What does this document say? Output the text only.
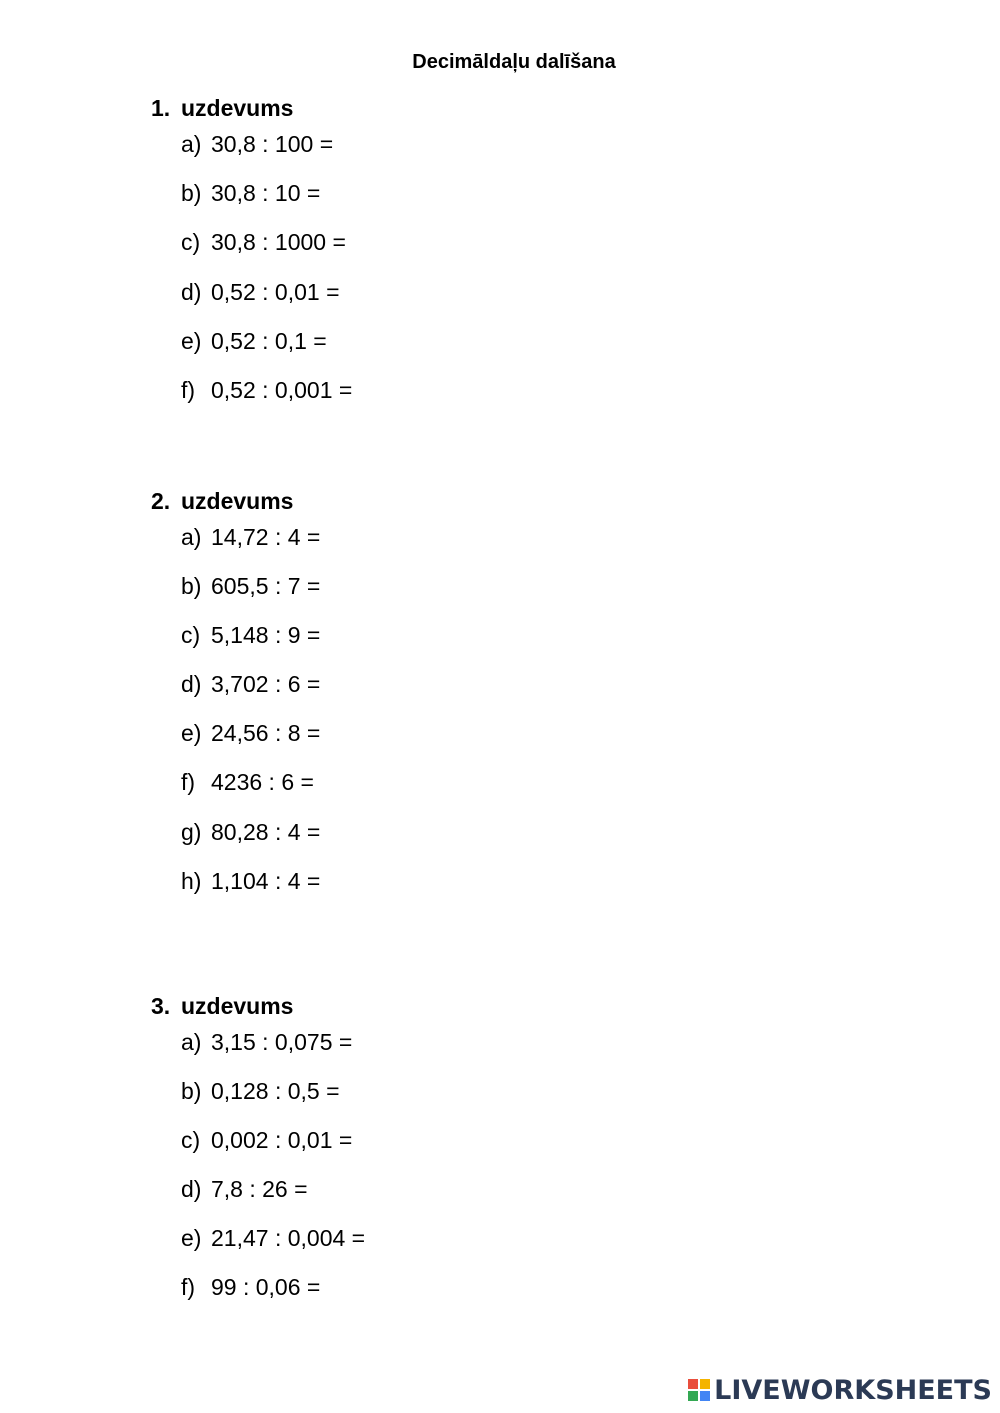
Decimāldaļu dalīšana
1. uzdevums
a) 30,8 : 100 =
b) 30,8 : 10 =
c) 30,8 : 1000 =
d) 0,52 : 0,01 =
e) 0,52 : 0,1 =
f) 0,52 : 0,001 =
2. uzdevums
a) 14,72 : 4 =
b) 605,5 : 7 =
c) 5,148 : 9 =
d) 3,702 : 6 =
e) 24,56 : 8 =
f) 4236 : 6 =
g) 80,28 : 4 =
h) 1,104 : 4 =
3. uzdevums
a) 3,15 : 0,075 =
b) 0,128 : 0,5 =
c) 0,002 : 0,01 =
d) 7,8 : 26 =
e) 21,47 : 0,004 =
f) 99 : 0,06 =
LIVEWORKSHEETS
